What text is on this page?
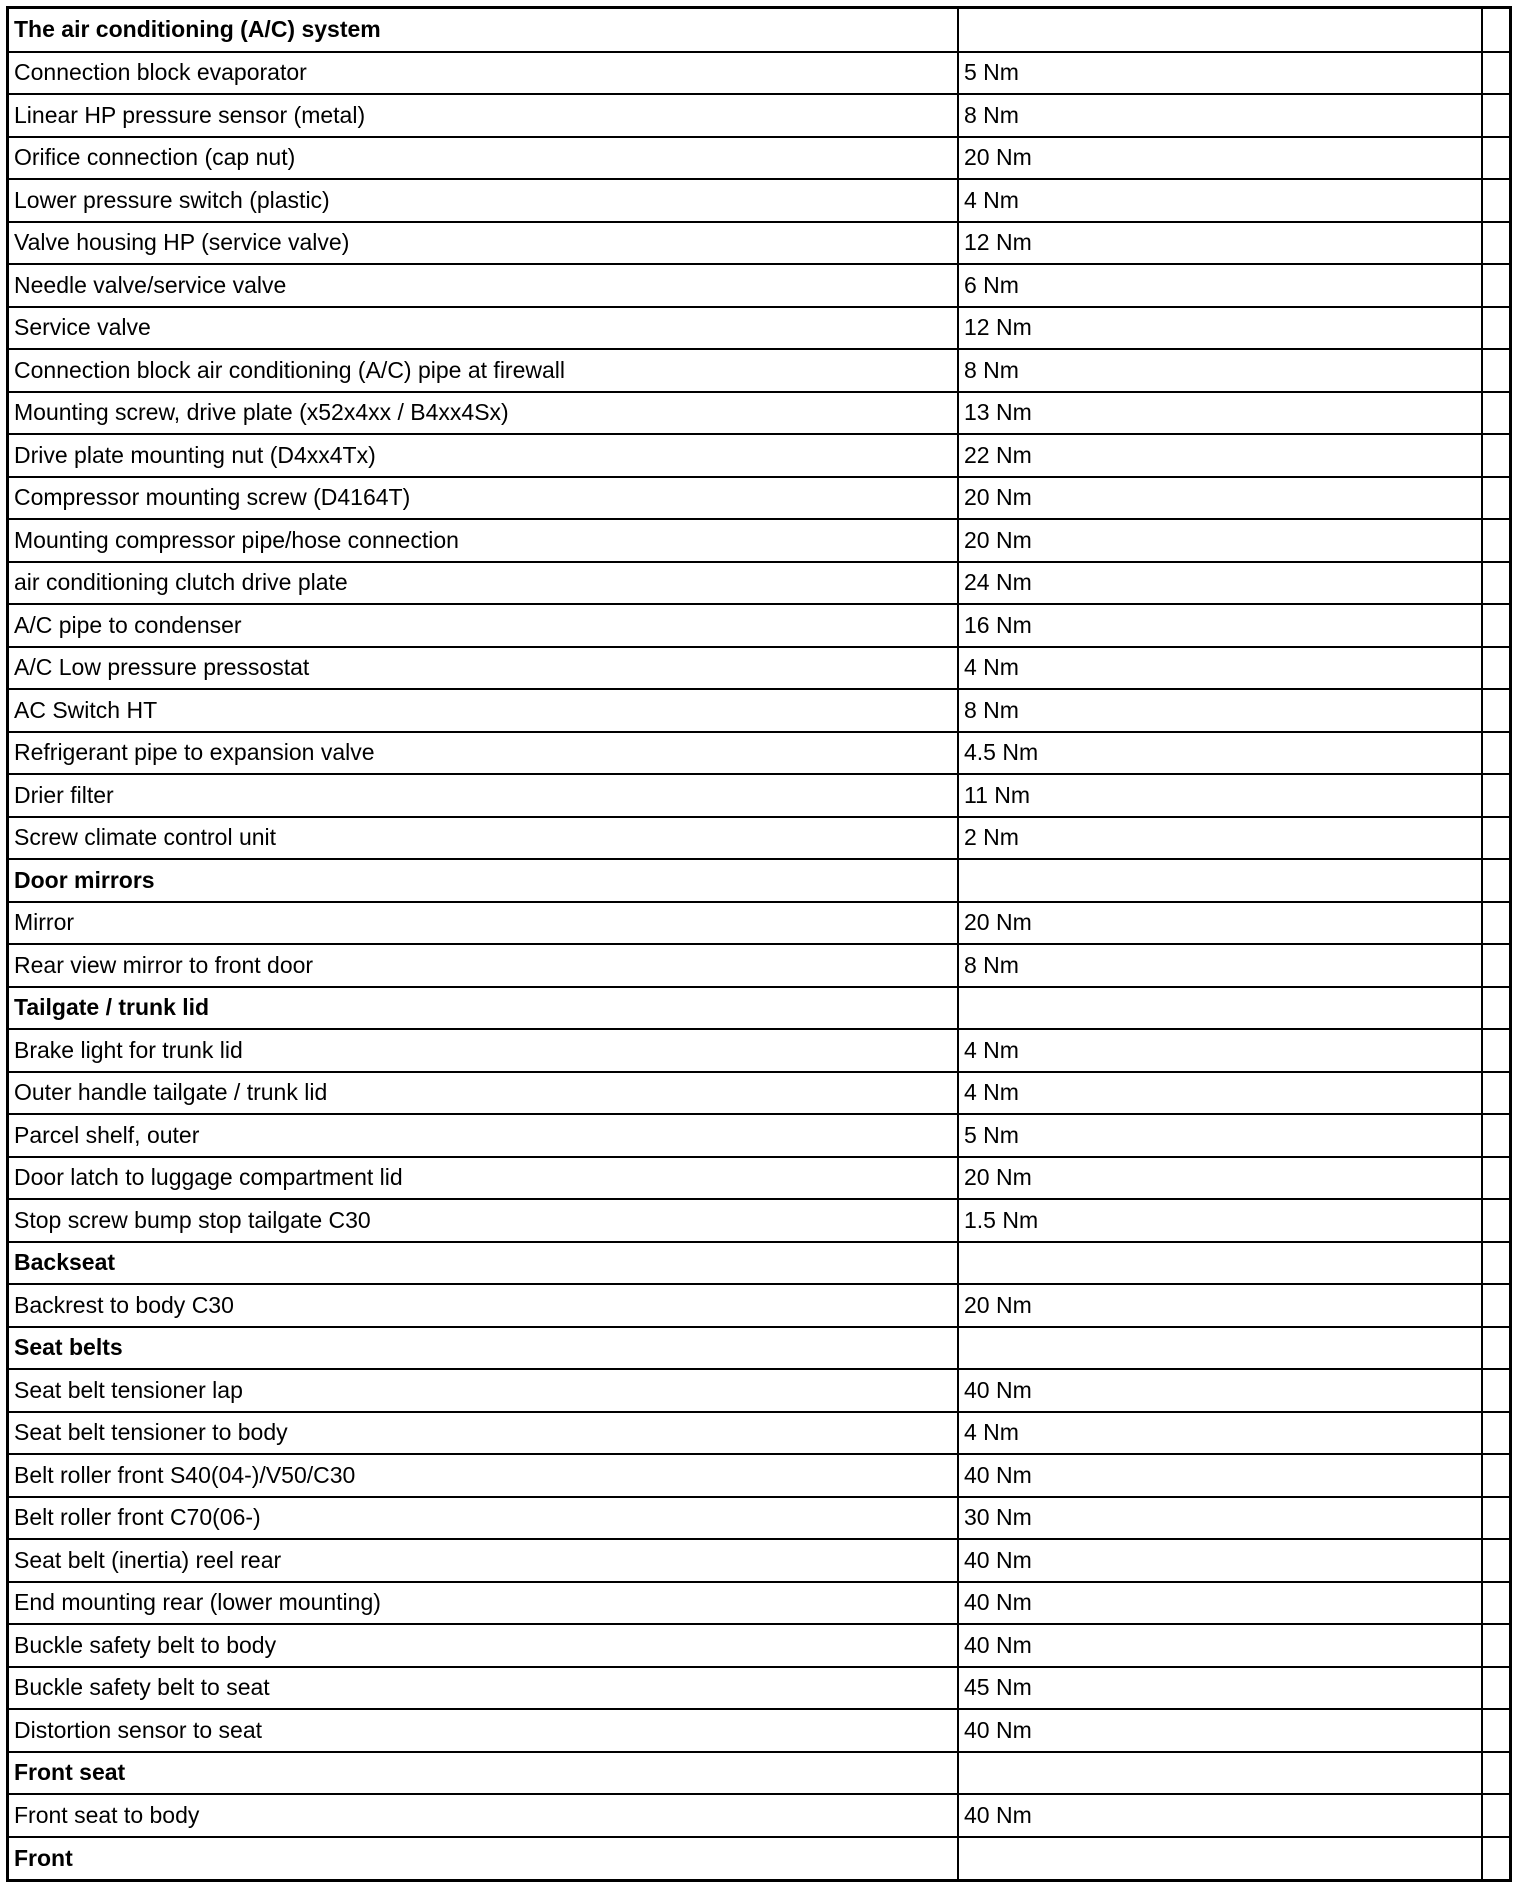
The air conditioning (A/C) system		
Connection block evaporator	5 Nm	
Linear HP pressure sensor (metal)	8 Nm	
Orifice connection (cap nut)	20 Nm	
Lower pressure switch (plastic)	4 Nm	
Valve housing HP (service valve)	12 Nm	
Needle valve/service valve	6 Nm	
Service valve	12 Nm	
Connection block air conditioning (A/C) pipe at firewall	8 Nm	
Mounting screw, drive plate (x52x4xx / B4xx4Sx)	13 Nm	
Drive plate mounting nut (D4xx4Tx)	22 Nm	
Compressor mounting screw (D4164T)	20 Nm	
Mounting compressor pipe/hose connection	20 Nm	
air conditioning clutch drive plate	24 Nm	
A/C pipe to condenser	16 Nm	
A/C Low pressure pressostat	4 Nm	
AC Switch HT	8 Nm	
Refrigerant pipe to expansion valve	4.5 Nm	
Drier filter	11 Nm	
Screw climate control unit	2 Nm	
Door mirrors		
Mirror	20 Nm	
Rear view mirror to front door	8 Nm	
Tailgate / trunk lid		
Brake light for trunk lid	4 Nm	
Outer handle tailgate / trunk lid	4 Nm	
Parcel shelf, outer	5 Nm	
Door latch to luggage compartment lid	20 Nm	
Stop screw bump stop tailgate C30	1.5 Nm	
Backseat		
Backrest to body C30	20 Nm	
Seat belts		
Seat belt tensioner lap	40 Nm	
Seat belt tensioner to body	4 Nm	
Belt roller front S40(04-)/V50/C30	40 Nm	
Belt roller front C70(06-)	30 Nm	
Seat belt (inertia) reel rear	40 Nm	
End mounting rear (lower mounting)	40 Nm	
Buckle safety belt to body	40 Nm	
Buckle safety belt to seat	45 Nm	
Distortion sensor to seat	40 Nm	
Front seat		
Front seat to body	40 Nm	
Front		
